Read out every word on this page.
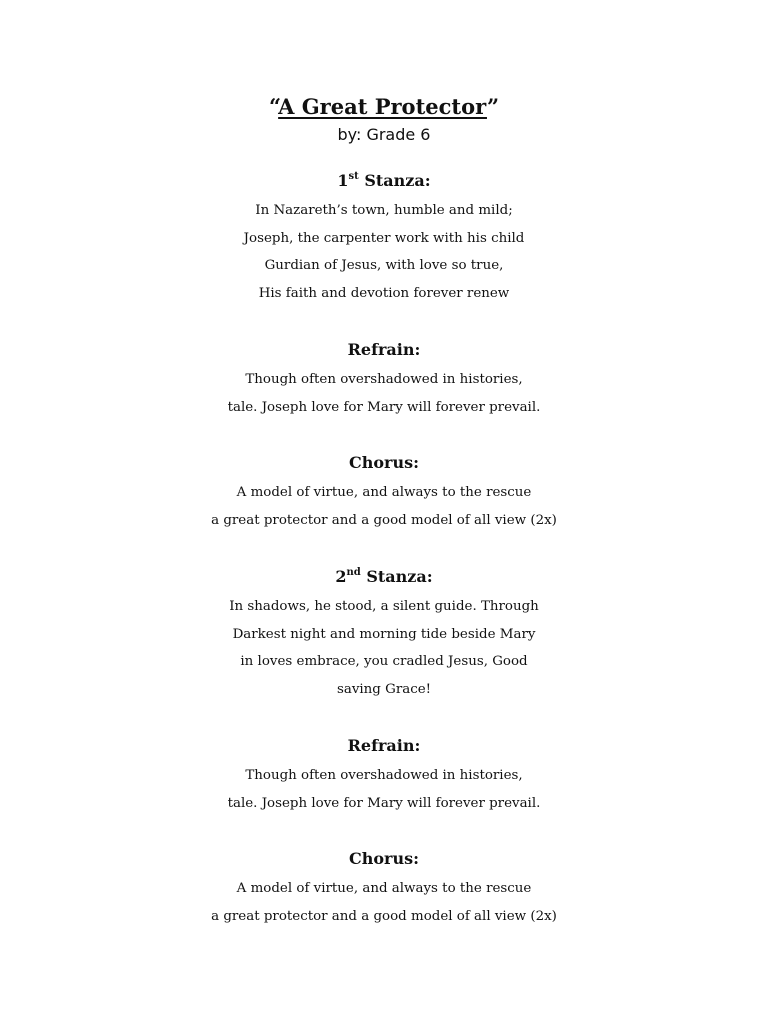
“A Great Protector”
by: Grade 6
1st Stanza:
In Nazareth’s town, humble and mild;
Joseph, the carpenter work with his child
Gurdian of Jesus, with love so true,
His faith and devotion forever renew
Refrain:
Though often overshadowed in histories,
tale. Joseph love for Mary will forever prevail.
Chorus:
A model of virtue, and always to the rescue
a great protector and a good model of all view (2x)
2nd Stanza:
In shadows, he stood, a silent guide. Through
Darkest night and morning tide beside Mary
in loves embrace, you cradled Jesus, Good
saving Grace!
Refrain:
Though often overshadowed in histories,
tale. Joseph love for Mary will forever prevail.
Chorus:
A model of virtue, and always to the rescue
a great protector and a good model of all view (2x)
